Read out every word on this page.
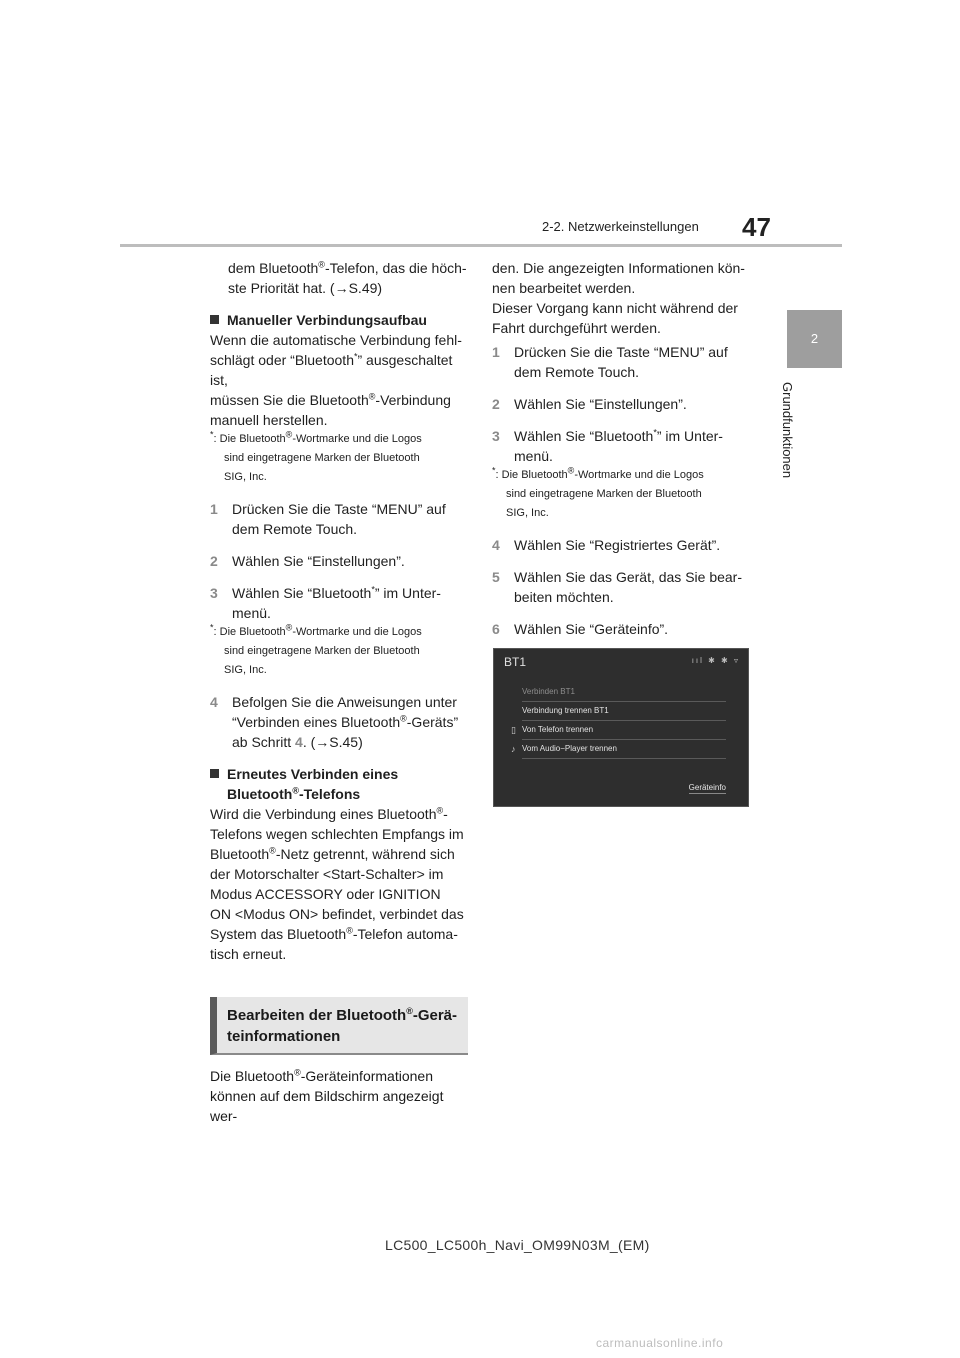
2-2. Netzwerkeinstellungen 47
2
Grundfunktionen

dem Bluetooth®-Telefon, das die höch-
ste Priorität hat. (→S.49)

Manueller Verbindungsaufbau

Wenn die automatische Verbindung fehl-
schlägt oder “Bluetooth*” ausgeschaltet ist,
müssen Sie die Bluetooth®-Verbindung
manuell herstellen.

*: Die Bluetooth®-Wortmarke und die Logos
sind eingetragene Marken der Bluetooth
SIG, Inc.

1	Drücken Sie die Taste “MENU” auf dem Remote Touch.
2	Wählen Sie “Einstellungen”.
3	Wählen Sie “Bluetooth*” im Unter-
menü.

*: Die Bluetooth®-Wortmarke und die Logos
sind eingetragene Marken der Bluetooth
SIG, Inc.

4	Befolgen Sie die Anweisungen unter
“Verbinden eines Bluetooth®-Geräts”
ab Schritt 4. (→S.45)
Erneutes Verbinden eines
Bluetooth®-Telefons

Wird die Verbindung eines Bluetooth®-
Telefons wegen schlechten Empfangs im
Bluetooth®-Netz getrennt, während sich
der Motorschalter <Start-Schalter> im
Modus ACCESSORY oder IGNITION
ON <Modus ON> befindet, verbindet das
System das Bluetooth®-Telefon automa-
tisch erneut.

Bearbeiten der Bluetooth®-Gerä-
teinformationen
Die Bluetooth®-Geräteinformationen
können auf dem Bildschirm angezeigt wer-

den. Die angezeigten Informationen kön-
nen bearbeitet werden.

Dieser Vorgang kann nicht während der Fahrt durchgeführt werden.

1	Drücken Sie die Taste “MENU” auf dem Remote Touch.
2	Wählen Sie “Einstellungen”.
3	Wählen Sie “Bluetooth*” im Unter-
menü.

*: Die Bluetooth®-Wortmarke und die Logos
sind eingetragene Marken der Bluetooth
SIG, Inc.

4	Wählen Sie “Registriertes Gerät”.
5	Wählen Sie das Gerät, das Sie bear-beiten möchten.
6	Wählen Sie “Geräteinfo”.
BT1	ııl ✱ ✱ ▿
Verbinden BT1
Verbindung trennen BT1
▯ Von Telefon trennen
♪ Vom Audio−Player trennen
Geräteinfo
LC500_LC500h_Navi_OM99N03M_(EM)
carmanualsonline.info
